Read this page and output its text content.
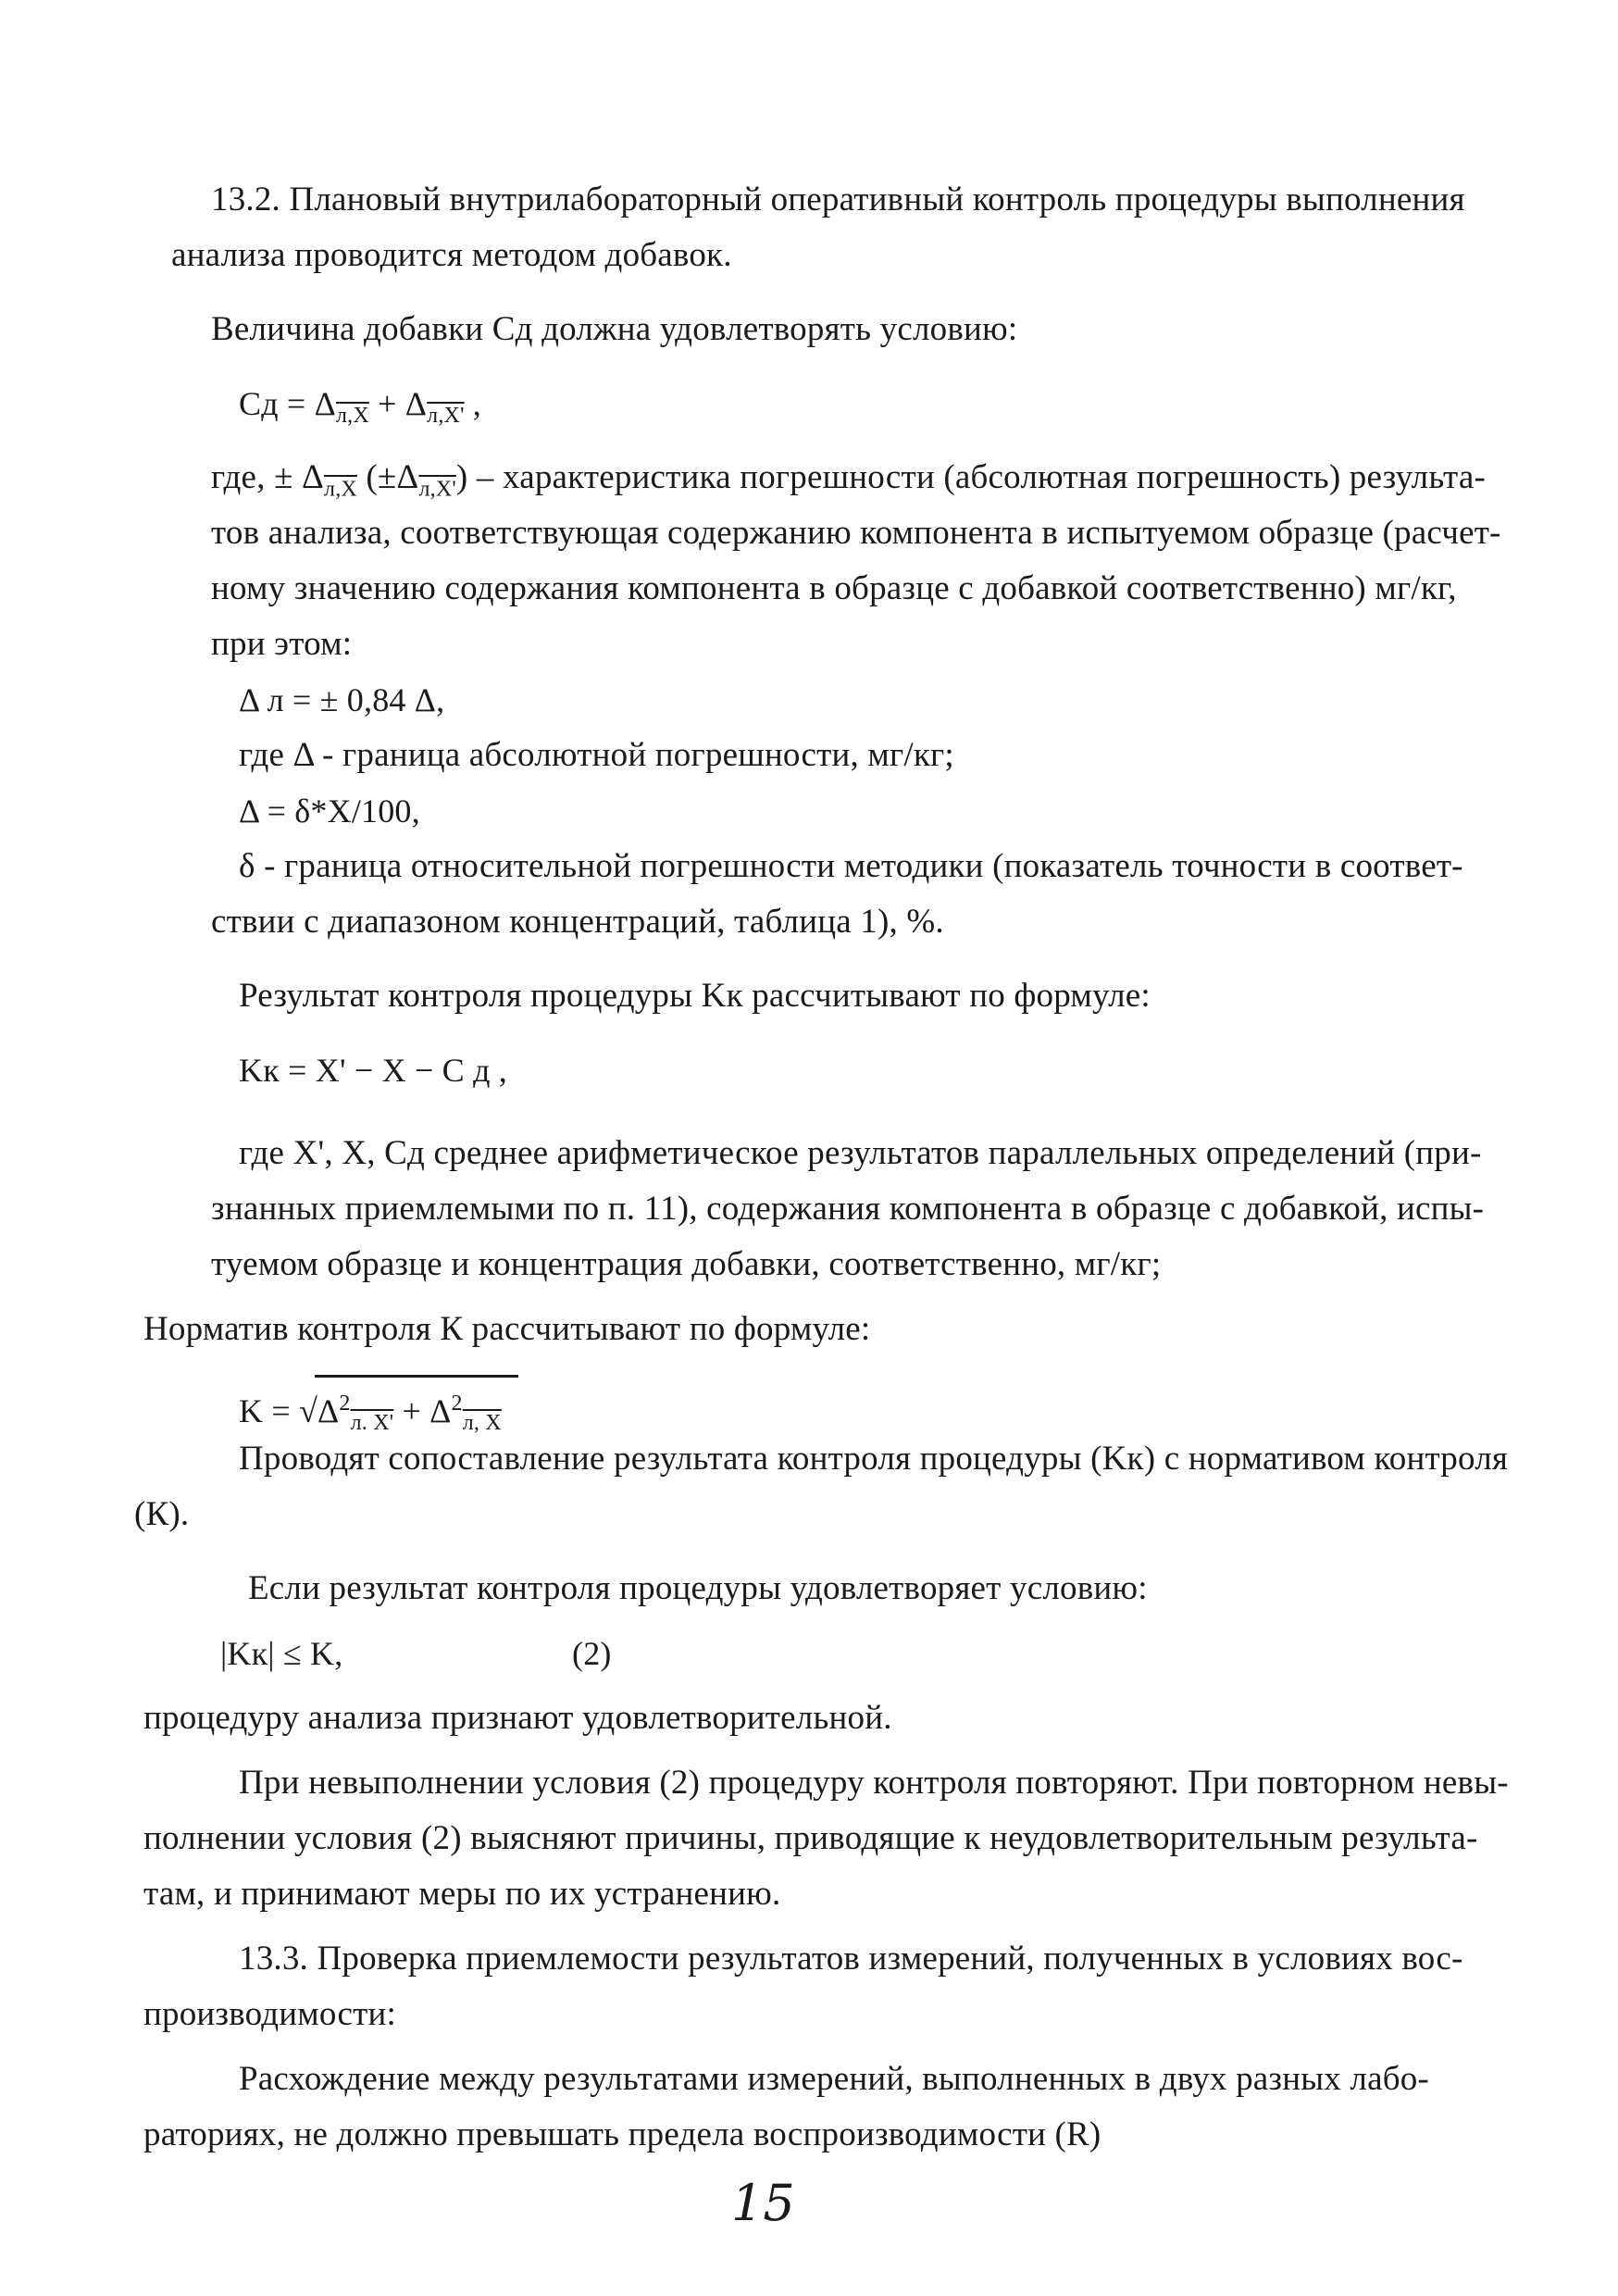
13.2. Плановый внутрилабораторный оперативный контроль процедуры выполнения
анализа проводится методом добавок.
Величина добавки Cд должна удовлетворять условию:
Cд = $\Delta_{л,X} + \Delta_{л,X'}$ ,
где, ± $\Delta_{л,X}$ $(\pm\Delta_{л,X'})$ – характеристика погрешности (абсолютная погрешность) результа-
тов анализа, соответствующая содержанию компонента в испытуемом образце (расчет-
ному значению содержания компонента в образце с добавкой соответственно) мг/кг,
при этом:
Δ л = ± 0,84 Δ,
где Δ - граница абсолютной погрешности, мг/кг;
Δ = δ*X/100,
δ - граница относительной погрешности методики (показатель точности в соответ-
ствии с диапазоном концентраций, таблица 1), %.
Результат контроля процедуры Kк рассчитывают по формуле:
Kк = X' − X − C д ,
где X', X, Cд среднее арифметическое результатов параллельных определений (при-
знанных приемлемыми по п. 11), содержания компонента в образце с добавкой, испы-
туемом образце и концентрация добавки, соответственно, мг/кг;
Норматив контроля К рассчитывают по формуле:
$K = √\Delta^2_{л. X'} + \Delta^2_{л, X}$
Проводят сопоставление результата контроля процедуры (Kк) с нормативом контроля
(К).
Если результат контроля процедуры удовлетворяет условию:
|Kк| ≤ K,	(2)
процедуру анализа признают удовлетворительной.
При невыполнении условия (2) процедуру контроля повторяют. При повторном невы-
полнении условия (2) выясняют причины, приводящие к неудовлетворительным результа-
там, и принимают меры по их устранению.
13.3. Проверка приемлемости результатов измерений, полученных в условиях вос-
производимости:
Расхождение между результатами измерений, выполненных в двух разных лабо-
раториях, не должно превышать предела воспроизводимости (R)
15
